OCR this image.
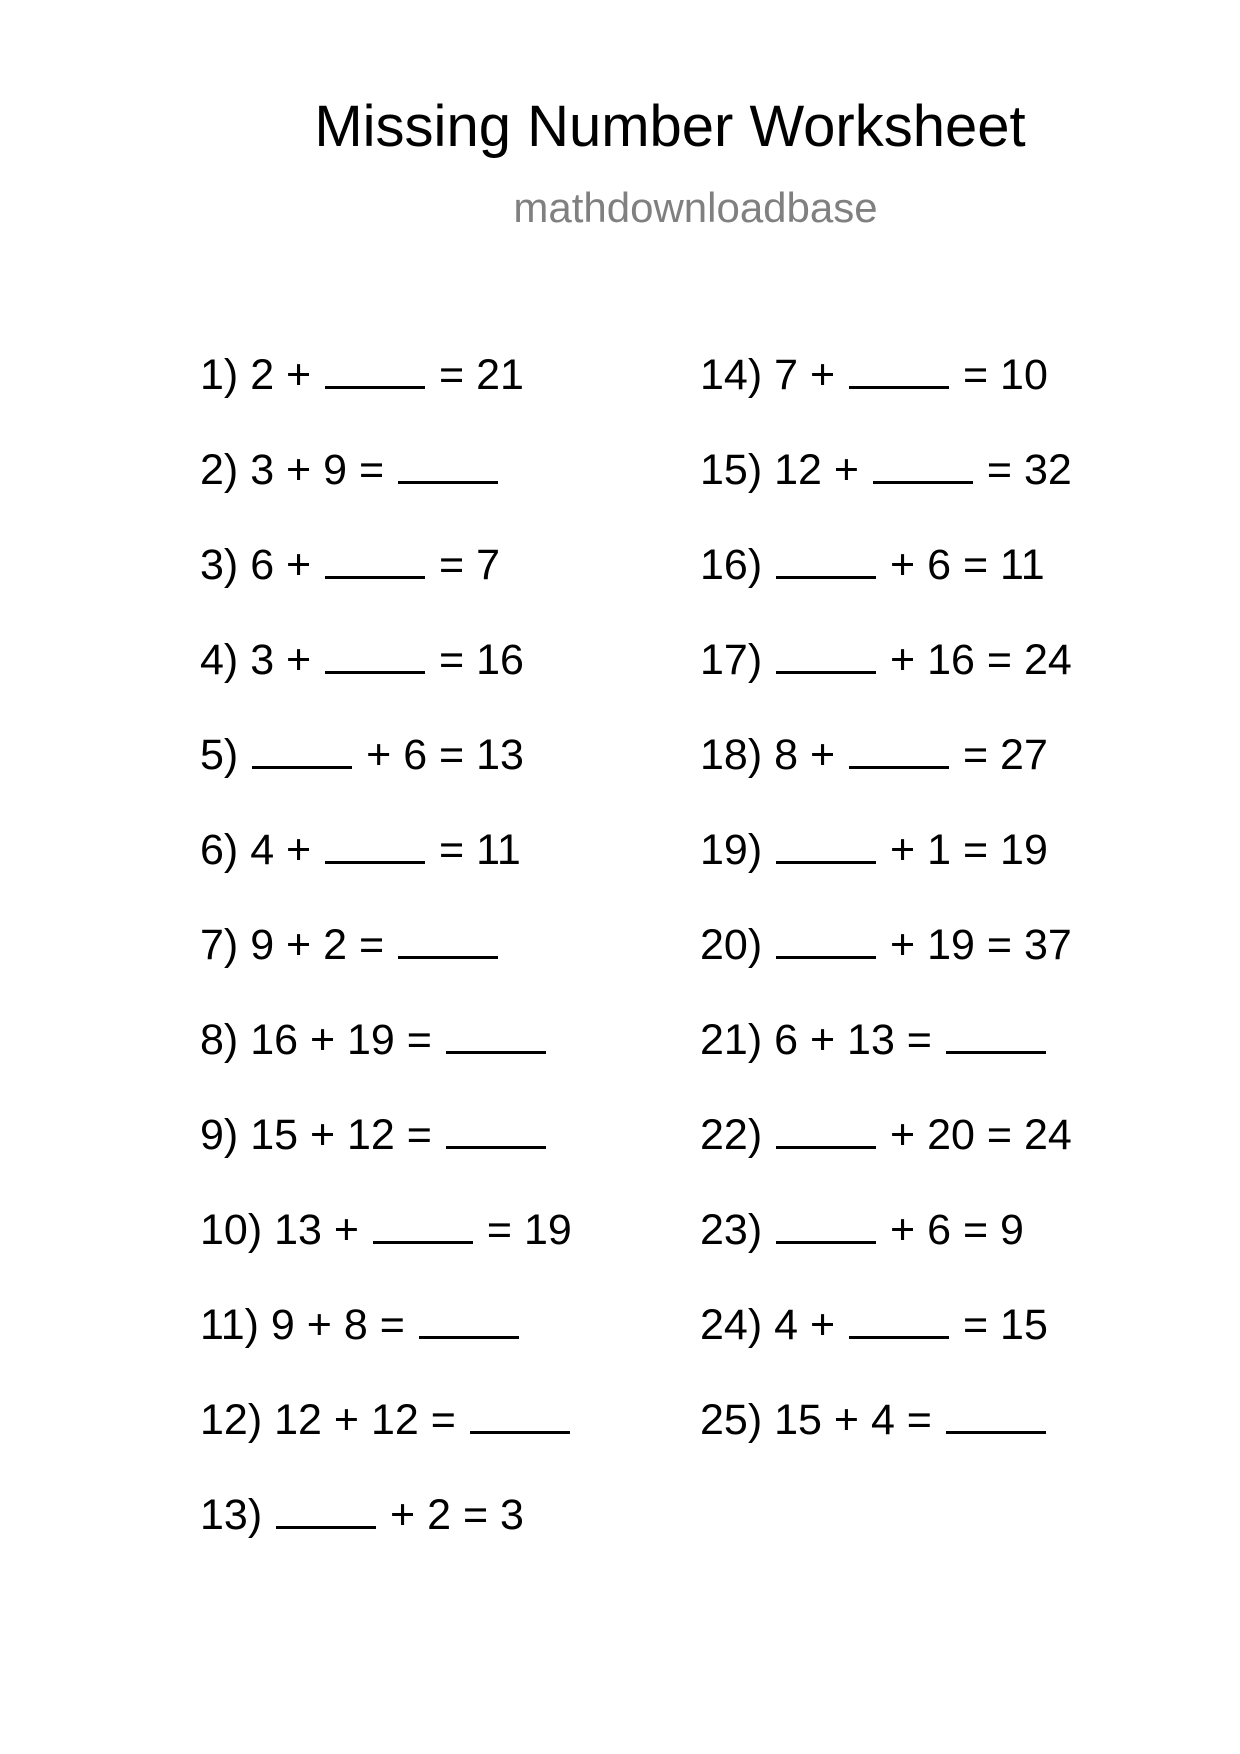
Missing Number Worksheet
mathdownloadbase
1) 2 +  = 21
2) 3 + 9 =
3) 6 +  = 7
4) 3 +  = 16
5)	+ 6 = 13
6) 4 +  = 11
7) 9 + 2 =
8) 16 + 19 =
9) 15 + 12 =
10) 13 +  = 19
11) 9 + 8 =
12) 12 + 12 =
13)	+ 2 = 3
14) 7 +  = 10
15) 12 +  = 32
16)	+ 6 = 11
17)	+ 16 = 24
18) 8 +  = 27
19)	+ 1 = 19
20)	+ 19 = 37
21) 6 + 13 =
22)	+ 20 = 24
23)	+ 6 = 9
24) 4 +  = 15
25) 15 + 4 =
